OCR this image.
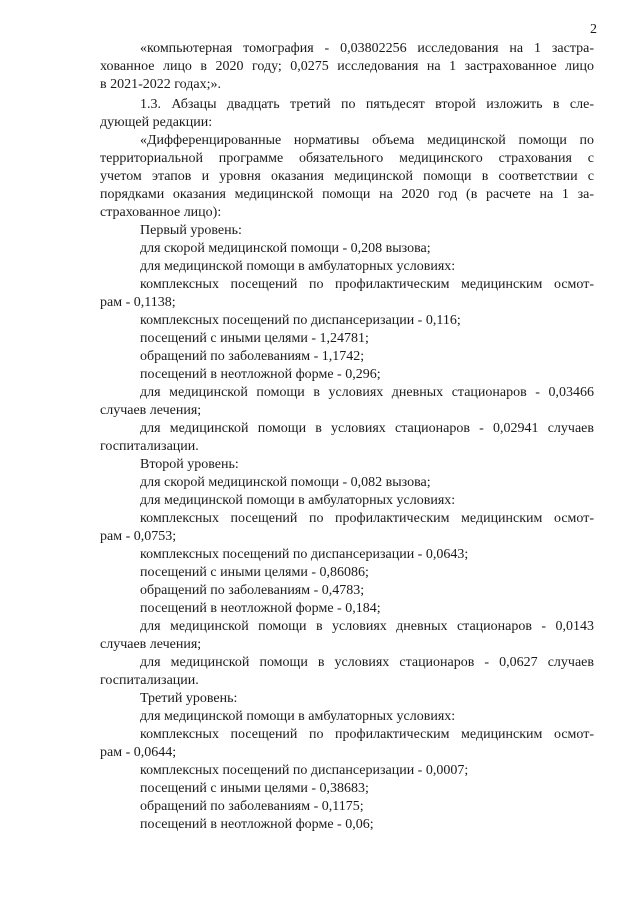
2
«компьютерная томография - 0,03802256 исследования на 1 застра-
хованное лицо в 2020 году; 0,0275 исследования на 1 застрахованное лицо
в 2021-2022 годах;».
1.3. Абзацы двадцать третий по пятьдесят второй изложить в сле-
дующей редакции:
«Дифференцированные нормативы объема медицинской помощи по
территориальной программе обязательного медицинского страхования с
учетом этапов и уровня оказания медицинской помощи в соответствии с
порядками оказания медицинской помощи на 2020 год (в расчете на 1 за-
страхованное лицо):
Первый уровень:
для скорой медицинской помощи - 0,208 вызова;
для медицинской помощи в амбулаторных условиях:
комплексных посещений по профилактическим медицинским осмот-
рам - 0,1138;
комплексных посещений по диспансеризации - 0,116;
посещений с иными целями - 1,24781;
обращений по заболеваниям - 1,1742;
посещений в неотложной форме - 0,296;
для медицинской помощи в условиях дневных стационаров - 0,03466
случаев лечения;
для медицинской помощи в условиях стационаров - 0,02941 случаев
госпитализации.
Второй уровень:
для скорой медицинской помощи - 0,082 вызова;
для медицинской помощи в амбулаторных условиях:
комплексных посещений по профилактическим медицинским осмот-
рам - 0,0753;
комплексных посещений по диспансеризации - 0,0643;
посещений с иными целями - 0,86086;
обращений по заболеваниям - 0,4783;
посещений в неотложной форме - 0,184;
для медицинской помощи в условиях дневных стационаров - 0,0143
случаев лечения;
для медицинской помощи в условиях стационаров - 0,0627 случаев
госпитализации.
Третий уровень:
для медицинской помощи в амбулаторных условиях:
комплексных посещений по профилактическим медицинским осмот-
рам - 0,0644;
комплексных посещений по диспансеризации - 0,0007;
посещений с иными целями - 0,38683;
обращений по заболеваниям - 0,1175;
посещений в неотложной форме - 0,06;
